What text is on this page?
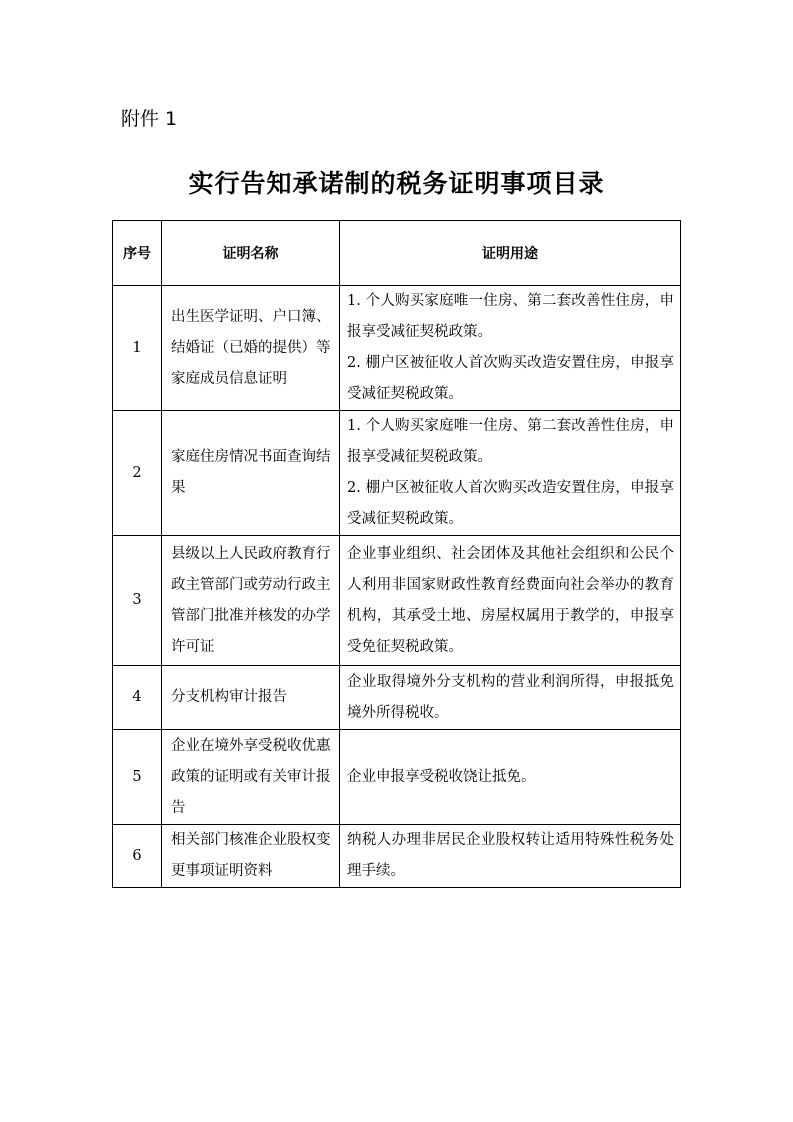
附件 1
实行告知承诺制的税务证明事项目录
序号	证明名称	证明用途
1	出生医学证明、户口簿、结婚证（已婚的提供）等家庭成员信息证明	1. 个人购买家庭唯一住房、第二套改善性住房，申报享受减征契税政策。
2. 棚户区被征收人首次购买改造安置住房，申报享受减征契税政策。

2	家庭住房情况书面查询结果	1. 个人购买家庭唯一住房、第二套改善性住房，申报享受减征契税政策。
2. 棚户区被征收人首次购买改造安置住房，申报享受减征契税政策。

3	县级以上人民政府教育行政主管部门或劳动行政主管部门批准并核发的办学许可证	企业事业组织、社会团体及其他社会组织和公民个人利用非国家财政性教育经费面向社会举办的教育机构，其承受土地、房屋权属用于教学的，申报享受免征契税政策。

4	分支机构审计报告	企业取得境外分支机构的营业利润所得，申报抵免境外所得税收。

5	企业在境外享受税收优惠政策的证明或有关审计报告	企业申报享受税收饶让抵免。

6	相关部门核准企业股权变更事项证明资料	纳税人办理非居民企业股权转让适用特殊性税务处理手续。
